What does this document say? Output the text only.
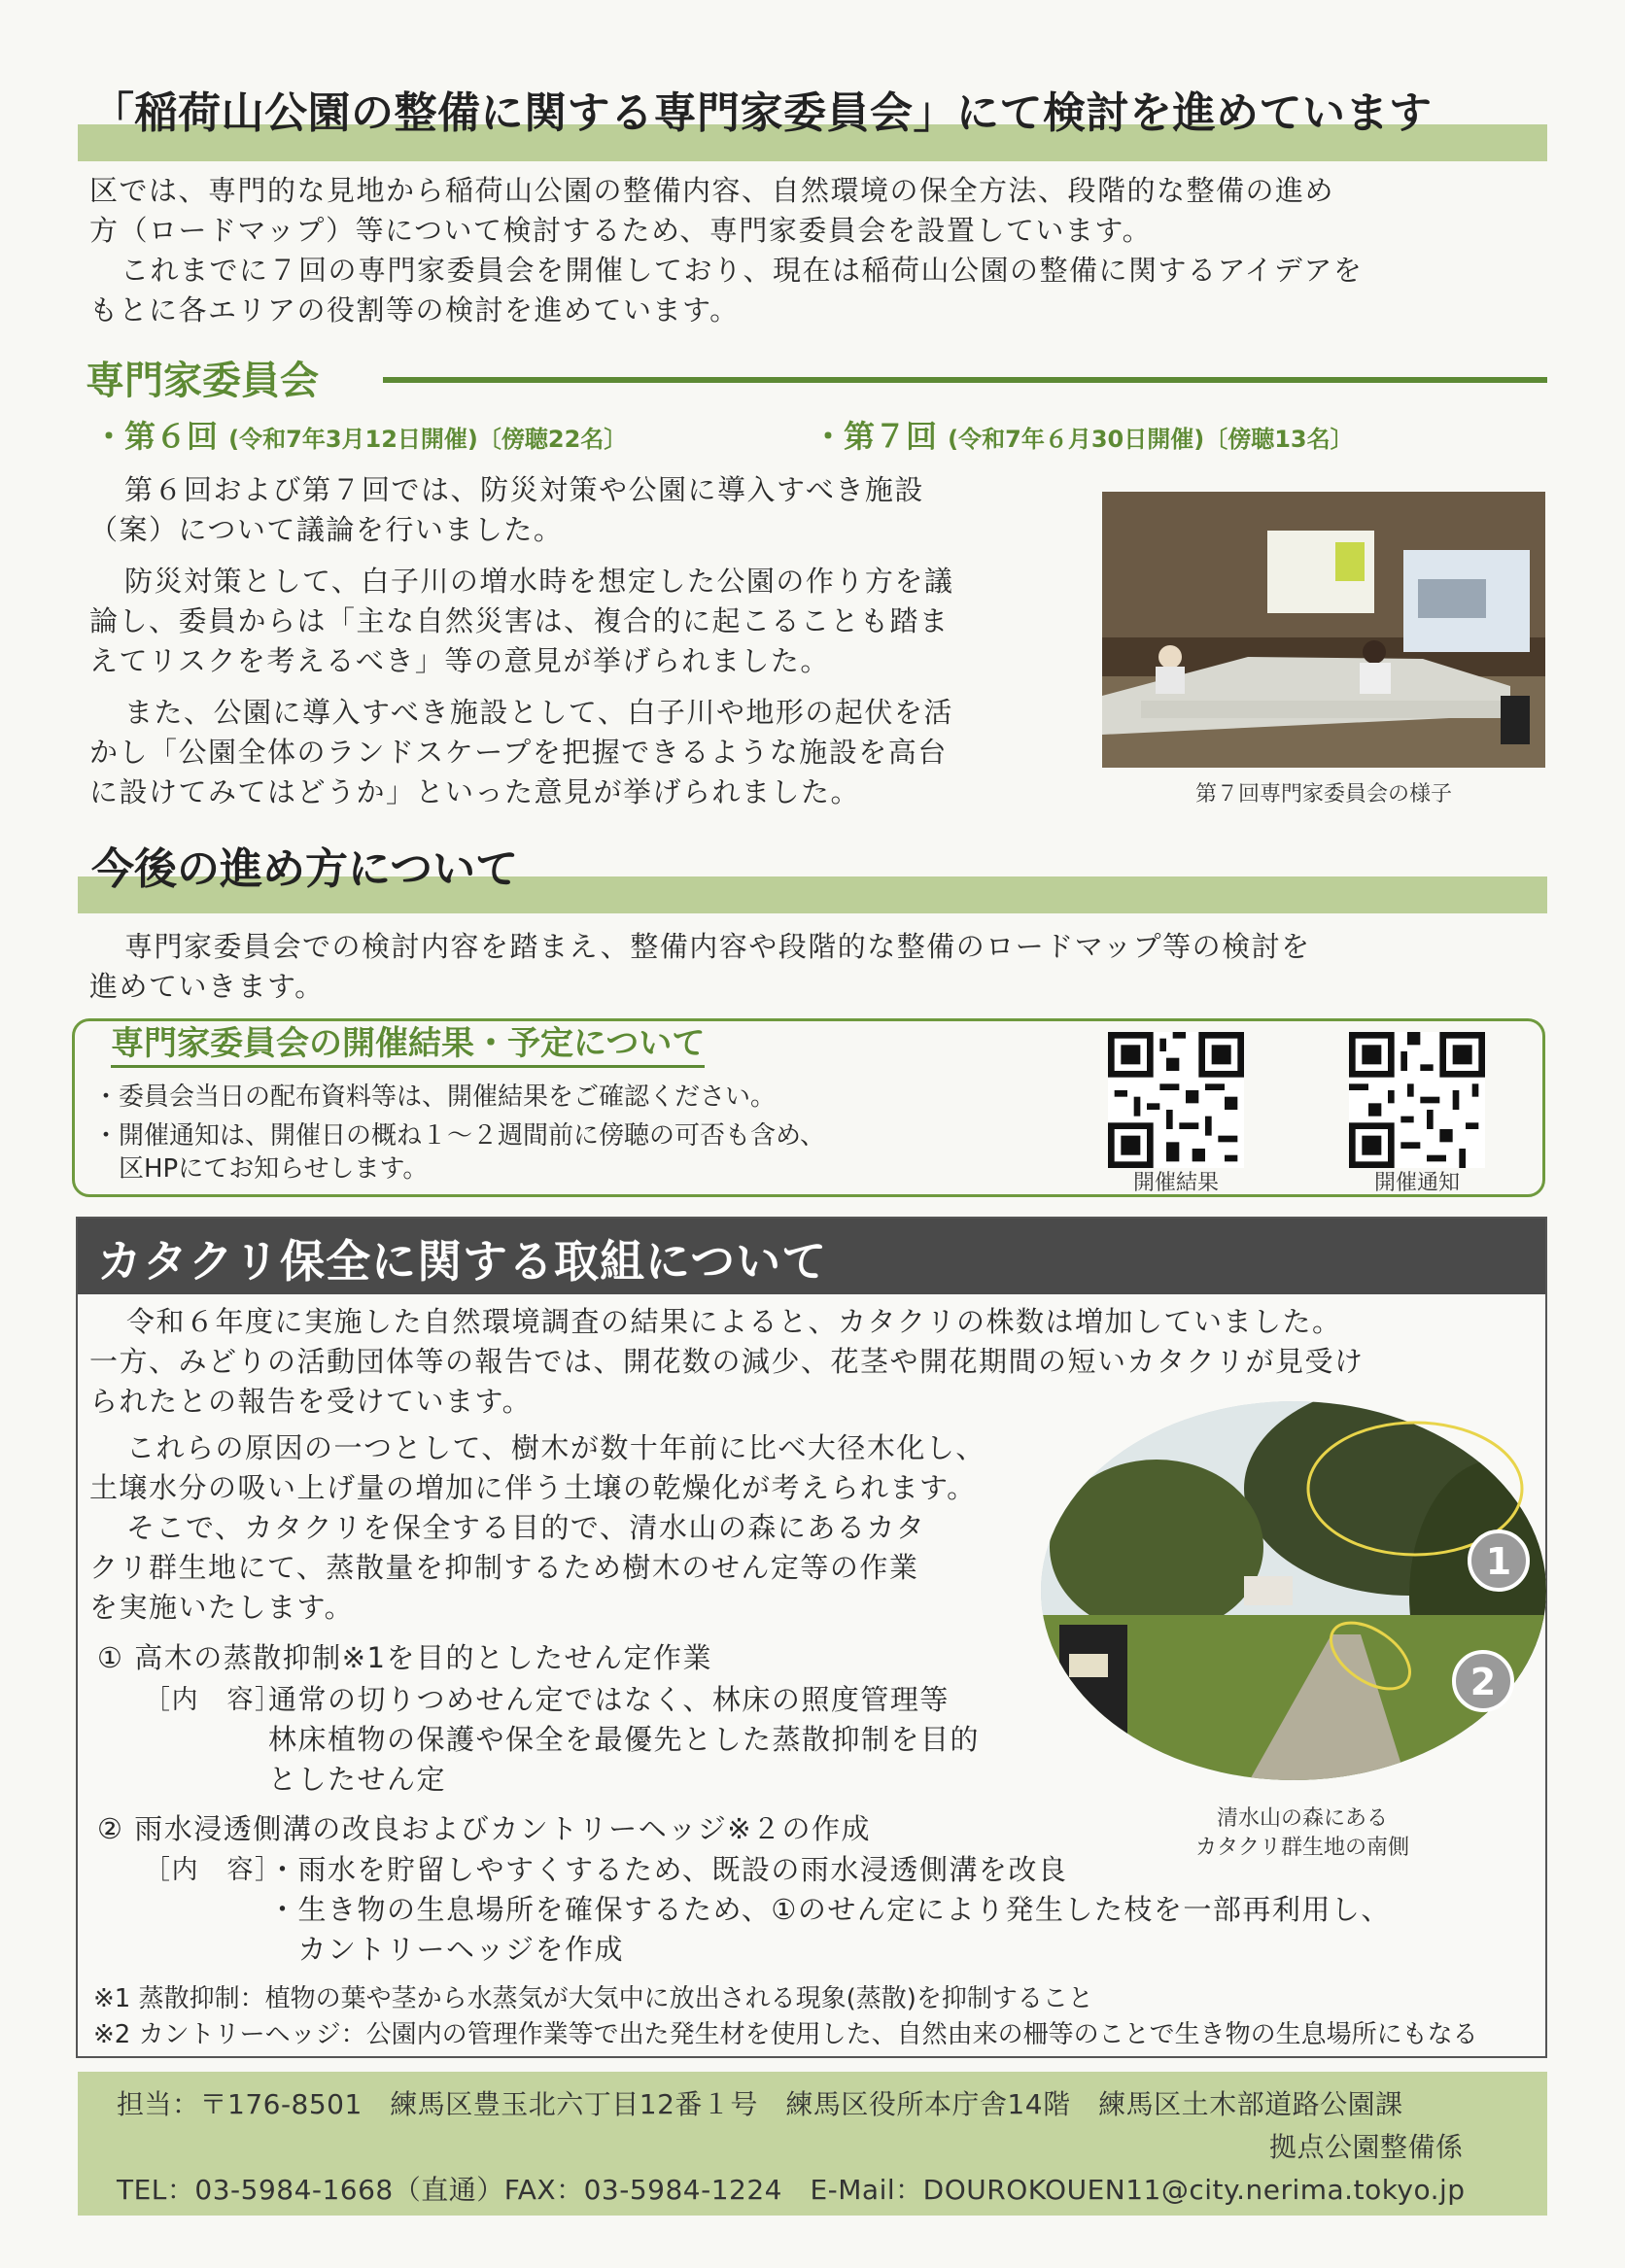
「稲荷山公園の整備に関する専門家委員会」にて検討を進めています

区では、専門的な見地から稲荷山公園の整備内容、自然環境の保全方法、段階的な整備の進め

方（ロードマップ）等について検討するため、専門家委員会を設置しています。

これまでに７回の専門家委員会を開催しており、現在は稲荷山公園の整備に関するアイデアを

もとに各エリアの役割等の検討を進めています。

専門家委員会
・第６回 (令和7年3月12日開催)〔傍聴22名〕	・第７回 (令和7年６月30日開催)〔傍聴13名〕

第６回および第７回では、防災対策や公園に導入すべき施設

（案）について議論を行いました。

防災対策として、白子川の増水時を想定した公園の作り方を議

論し、委員からは「主な自然災害は、複合的に起こることも踏ま

えてリスクを考えるべき」等の意見が挙げられました。

また、公園に導入すべき施設として、白子川や地形の起伏を活

かし「公園全体のランドスケープを把握できるような施設を高台

に設けてみてはどうか」といった意見が挙げられました。	第７回専門家委員会の様子
今後の進め方について

専門家委員会での検討内容を踏まえ、整備内容や段階的な整備のロードマップ等の検討を

進めていきます。

専門家委員会の開催結果・予定について
・委員会当日の配布資料等は、開催結果をご確認ください。
・開催通知は、開催日の概ね１～２週間前に傍聴の可否も含め、
　区HPにてお知らせします。	開催結果	開催通知
カタクリ保全に関する取組について
令和６年度に実施した自然環境調査の結果によると、カタクリの株数は増加していました。
一方、みどりの活動団体等の報告では、開花数の減少、花茎や開花期間の短いカタクリが見受け
られたとの報告を受けています。
これらの原因の一つとして、樹木が数十年前に比べ大径木化し、
土壌水分の吸い上げ量の増加に伴う土壌の乾燥化が考えられます。
そこで、カタクリを保全する目的で、清水山の森にあるカタ
クリ群生地にて、蒸散量を抑制するため樹木のせん定等の作業
を実施いたします。
① 高木の蒸散抑制※1を目的としたせん定作業
［内　容］
通常の切りつめせん定ではなく、林床の照度管理等
林床植物の保護や保全を最優先とした蒸散抑制を目的
としたせん定
② 雨水浸透側溝の改良およびカントリーヘッジ※２の作成
［内　容］
・雨水を貯留しやすくするため、既設の雨水浸透側溝を改良
・生き物の生息場所を確保するため、①のせん定により発生した枝を一部再利用し、
　カントリーヘッジを作成
※1 蒸散抑制：植物の葉や茎から水蒸気が大気中に放出される現象(蒸散)を抑制すること
※2 カントリーヘッジ：公園内の管理作業等で出た発生材を使用した、自然由来の柵等のことで生き物の生息場所にもなる
1
2
清水山の森にある
カタクリ群生地の南側
担当：〒176-8501　練馬区豊玉北六丁目12番１号　練馬区役所本庁舎14階　練馬区土木部道路公園課
拠点公園整備係
TEL：03-5984-1668（直通）FAX：03-5984-1224　E-Mail：DOUROKOUEN11@city.nerima.tokyo.jp
